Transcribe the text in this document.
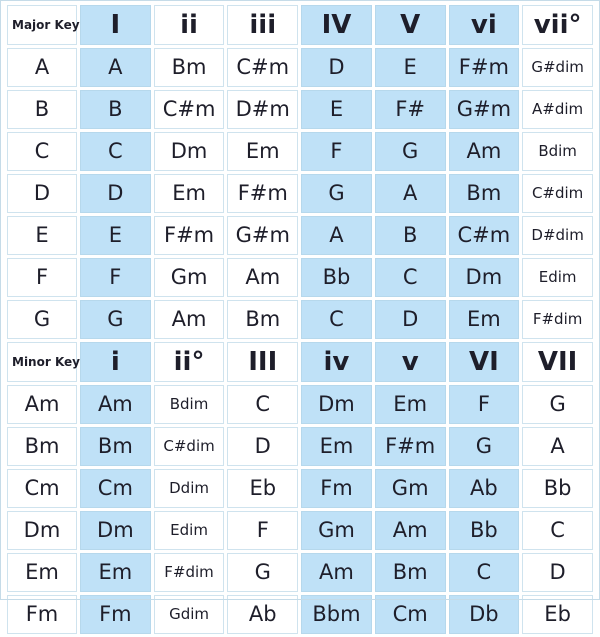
Major Key	I	ii	iii	IV	V	vi	vii°
A	A	Bm	C#m	D	E	F#m	G#dim
B	B	C#m	D#m	E	F#	G#m	A#dim
C	C	Dm	Em	F	G	Am	Bdim
D	D	Em	F#m	G	A	Bm	C#dim
E	E	F#m	G#m	A	B	C#m	D#dim
F	F	Gm	Am	Bb	C	Dm	Edim
G	G	Am	Bm	C	D	Em	F#dim
Minor Key	i	ii°	III	iv	v	VI	VII
Am	Am	Bdim	C	Dm	Em	F	G
Bm	Bm	C#dim	D	Em	F#m	G	A
Cm	Cm	Ddim	Eb	Fm	Gm	Ab	Bb
Dm	Dm	Edim	F	Gm	Am	Bb	C
Em	Em	F#dim	G	Am	Bm	C	D
Fm	Fm	Gdim	Ab	Bbm	Cm	Db	Eb
